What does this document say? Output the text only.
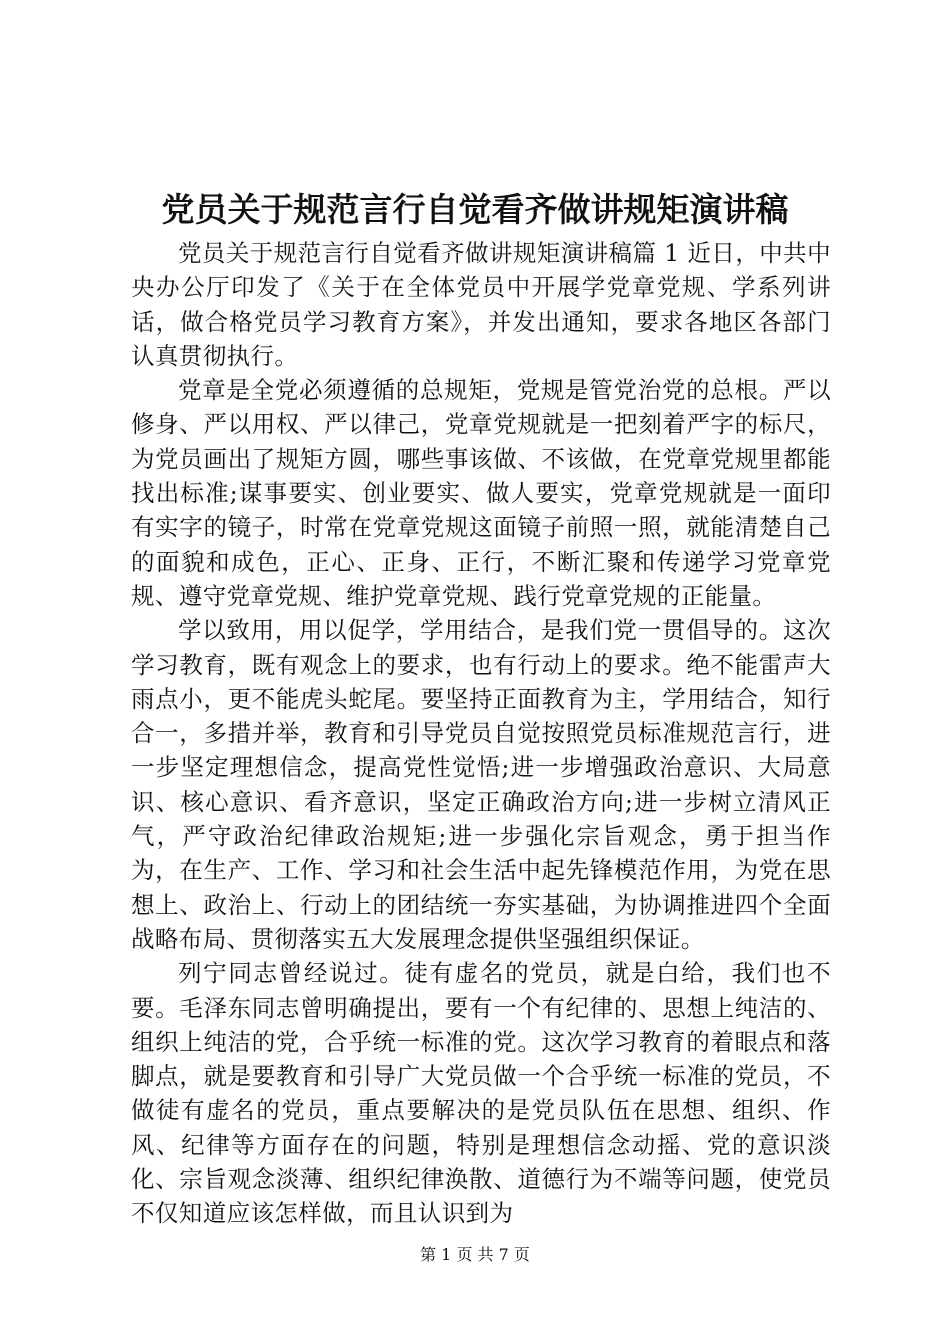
党员关于规范言行自觉看齐做讲规矩演讲稿

党员关于规范言行自觉看齐做讲规矩演讲稿篇 1 近日，中共中央办公厅印发了《关于在全体党员中开展学党章党规、学系列讲话，做合格党员学习教育方案》，并发出通知，要求各地区各部门认真贯彻执行。

党章是全党必须遵循的总规矩，党规是管党治党的总根。严以修身、严以用权、严以律己，党章党规就是一把刻着严字的标尺，为党员画出了规矩方圆，哪些事该做、不该做，在党章党规里都能找出标准;谋事要实、创业要实、做人要实，党章党规就是一面印有实字的镜子，时常在党章党规这面镜子前照一照，就能清楚自己的面貌和成色，正心、正身、正行，不断汇聚和传递学习党章党规、遵守党章党规、维护党章党规、践行党章党规的正能量。

学以致用，用以促学，学用结合，是我们党一贯倡导的。这次学习教育，既有观念上的要求，也有行动上的要求。绝不能雷声大雨点小，更不能虎头蛇尾。要坚持正面教育为主，学用结合，知行合一，多措并举，教育和引导党员自觉按照党员标准规范言行，进一步坚定理想信念，提高党性觉悟;进一步增强政治意识、大局意识、核心意识、看齐意识，坚定正确政治方向;进一步树立清风正气，严守政治纪律政治规矩;进一步强化宗旨观念，勇于担当作为，在生产、工作、学习和社会生活中起先锋模范作用，为党在思想上、政治上、行动上的团结统一夯实基础，为协调推进四个全面战略布局、贯彻落实五大发展理念提供坚强组织保证。

列宁同志曾经说过。徒有虚名的党员，就是白给，我们也不要。毛泽东同志曾明确提出，要有一个有纪律的、思想上纯洁的、组织上纯洁的党，合乎统一标准的党。这次学习教育的着眼点和落脚点，就是要教育和引导广大党员做一个合乎统一标准的党员，不做徒有虚名的党员，重点要解决的是党员队伍在思想、组织、作风、纪律等方面存在的问题，特别是理想信念动摇、党的意识淡化、宗旨观念淡薄、组织纪律涣散、道德行为不端等问题，使党员不仅知道应该怎样做，而且认识到为

第 1 页 共 7 页
